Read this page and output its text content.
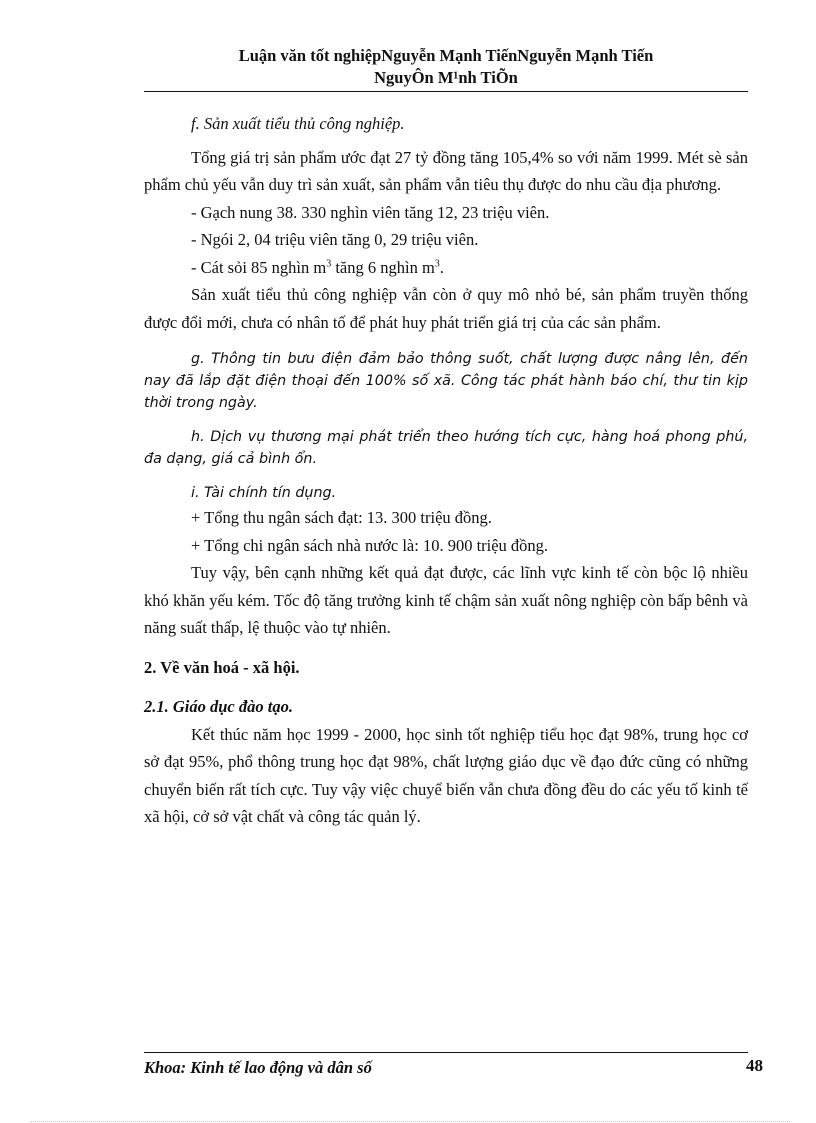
Luận văn tốt nghiệpNguyễn Mạnh TiếnNguyễn Mạnh Tiến
NguyÔn M¹nh TiÕn

f. Sản xuất tiểu thủ công nghiệp.

Tổng giá trị sản phẩm ước đạt 27 tỷ đồng tăng 105,4% so với năm 1999. Mét sè sản phẩm chủ yếu vẫn duy trì sản xuất, sản phẩm vẫn tiêu thụ được do nhu cầu địa phương.

- Gạch nung 38. 330 nghìn viên tăng 12, 23 triệu viên.

- Ngói 2, 04 triệu viên tăng 0, 29 triệu viên.

- Cát sỏi 85 nghìn $m^3$ tăng 6 nghìn $m^3$.

Sản xuất tiểu thủ công nghiệp vẫn còn ở quy mô nhỏ bé, sản phẩm truyền thống được đổi mới, chưa có nhân tố để phát huy phát triển giá trị của các sản phẩm.

g. Thông tin bưu điện đảm bảo thông suốt, chất lượng được nâng lên, đến nay đã lắp đặt điện thoại đến 100% số xã. Công tác phát hành báo chí, thư tin kịp thời trong ngày.

h. Dịch vụ thương mại phát triển theo hướng tích cực, hàng hoá phong phú, đa dạng, giá cả bình ổn.

i. Tài chính tín dụng.

+ Tổng thu ngân sách đạt: 13. 300 triệu đồng.

+ Tổng chi ngân sách nhà nước là: 10. 900 triệu đồng.

Tuy vậy, bên cạnh những kết quả đạt được, các lĩnh vực kinh tế còn bộc lộ nhiều khó khăn yếu kém. Tốc độ tăng trưởng kinh tế chậm sản xuất nông nghiệp còn bấp bênh và năng suất thấp, lệ thuộc vào tự nhiên.

2. Về văn hoá - xã hội.

2.1. Giáo dục đào tạo.

Kết thúc năm học 1999 - 2000, học sinh tốt nghiệp tiểu học đạt 98%, trung học cơ sở đạt 95%, phổ thông trung học đạt 98%, chất lượng giáo dục về đạo đức cũng có những chuyển biến rất tích cực. Tuy vậy việc chuyể biến vẫn chưa đồng đều do các yếu tố kinh tế xã hội, cở sở vật chất và công tác quản lý.

Khoa: Kinh tế lao động và dân số	48
